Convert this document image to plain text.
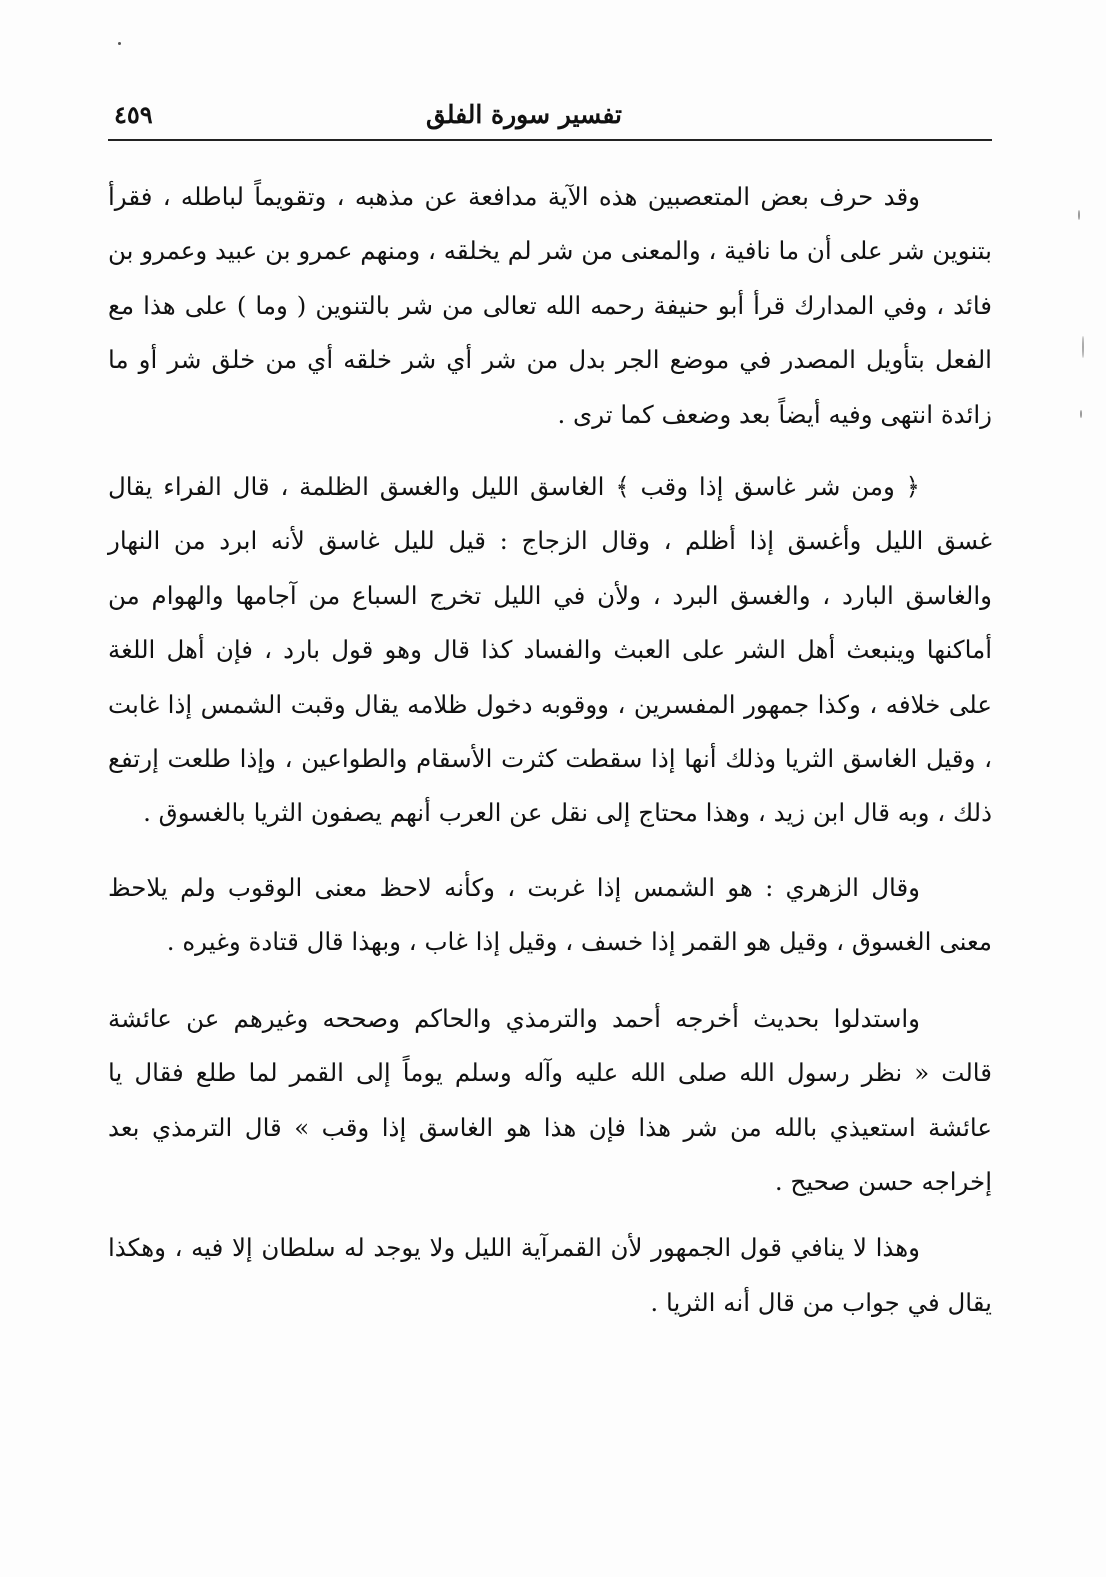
تفسير سورة الفلق
٤٥٩

وقد حرف بعض المتعصبين هذه الآية مدافعة عن مذهبه ، وتقويماً لباطله ، فقرأ بتنوين شر على أن ما نافية ، والمعنى من شر لم يخلقه ، ومنهم عمرو بن عبيد وعمرو بن فائد ، وفي المدارك قرأ أبو حنيفة رحمه الله تعالى من شر بالتنوين ( وما ) على هذا مع الفعل بتأويل المصدر في موضع الجر بدل من شر أي شر خلقه أي من خلق شر أو ما زائدة انتهى وفيه أيضاً بعد وضعف كما ترى .

﴿ ومن شر غاسق إذا وقب ﴾ الغاسق الليل والغسق الظلمة ، قال الفراء يقال غسق الليل وأغسق إذا أظلم ، وقال الزجاج : قيل لليل غاسق لأنه ابرد من النهار والغاسق البارد ، والغسق البرد ، ولأن في الليل تخرج السباع من آجامها والهوام من أماكنها وينبعث أهل الشر على العبث والفساد كذا قال وهو قول بارد ، فإن أهل اللغة على خلافه ، وكذا جمهور المفسرين ، ووقوبه دخول ظلامه يقال وقبت الشمس إذا غابت ، وقيل الغاسق الثريا وذلك أنها إذا سقطت كثرت الأسقام والطواعين ، وإذا طلعت إرتفع ذلك ، وبه قال ابن زيد ، وهذا محتاج إلى نقل عن العرب أنهم يصفون الثريا بالغسوق .

وقال الزهري : هو الشمس إذا غربت ، وكأنه لاحظ معنى الوقوب ولم يلاحظ معنى الغسوق ، وقيل هو القمر إذا خسف ، وقيل إذا غاب ، وبهذا قال قتادة وغيره .

واستدلوا بحديث أخرجه أحمد والترمذي والحاكم وصححه وغيرهم عن عائشة قالت « نظر رسول الله صلى الله عليه وآله وسلم يوماً إلى القمر لما طلع فقال يا عائشة استعيذي بالله من شر هذا فإن هذا هو الغاسق إذا وقب » قال الترمذي بعد إخراجه حسن صحيح .

وهذا لا ينافي قول الجمهور لأن القمرآية الليل ولا يوجد له سلطان إلا فيه ، وهكذا يقال في جواب من قال أنه الثريا .
